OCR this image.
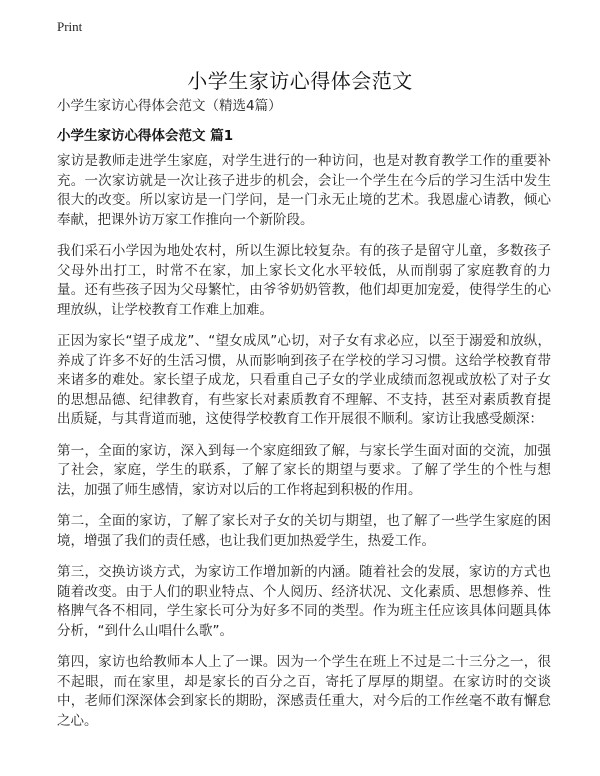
Print
小学生家访心得体会范文
小学生家访心得体会范文（精选4篇）
小学生家访心得体会范文 篇1

家访是教师走进学生家庭，对学生进行的一种访问，也是对教育教学工作的重要补充。一次家访就是一次让孩子进步的机会，会让一个学生在今后的学习生活中发生很大的改变。所以家访是一门学问，是一门永无止境的艺术。我恩虚心请教，倾心奉献，把课外访万家工作推向一个新阶段。

我们采石小学因为地处农村，所以生源比较复杂。有的孩子是留守儿童，多数孩子父母外出打工，时常不在家，加上家长文化水平较低，从而削弱了家庭教育的力量。还有些孩子因为父母繁忙，由爷爷奶奶管教，他们却更加宠爱，使得学生的心理放纵，让学校教育工作难上加难。

正因为家长“望子成龙”、“望女成凤”心切，对子女有求必应，以至于溺爱和放纵，养成了许多不好的生活习惯，从而影响到孩子在学校的学习习惯。这给学校教育带来诸多的难处。家长望子成龙，只看重自己子女的学业成绩而忽视或放松了对子女的思想品德、纪律教育，有些家长对素质教育不理解、不支持，甚至对素质教育提出质疑，与其背道而驰，这使得学校教育工作开展很不顺利。家访让我感受颇深：

第一，全面的家访，深入到每一个家庭细致了解，与家长学生面对面的交流，加强了社会，家庭，学生的联系，了解了家长的期望与要求。了解了学生的个性与想法，加强了师生感情，家访对以后的工作将起到积极的作用。

第二，全面的家访，了解了家长对子女的关切与期望，也了解了一些学生家庭的困境，增强了我们的责任感，也让我们更加热爱学生，热爱工作。

第三，交换访谈方式，为家访工作增加新的内涵。随着社会的发展，家访的方式也随着改变。由于人们的职业特点、个人阅历、经济状况、文化素质、思想修养、性格脾气各不相同，学生家长可分为好多不同的类型。作为班主任应该具体问题具体分析，“到什么山唱什么歌”。

第四，家访也给教师本人上了一课。因为一个学生在班上不过是二十三分之一，很不起眼，而在家里，却是家长的百分之百，寄托了厚厚的期望。在家访时的交谈中，老师们深深体会到家长的期盼，深感责任重大，对今后的工作丝毫不敢有懈怠之心。
